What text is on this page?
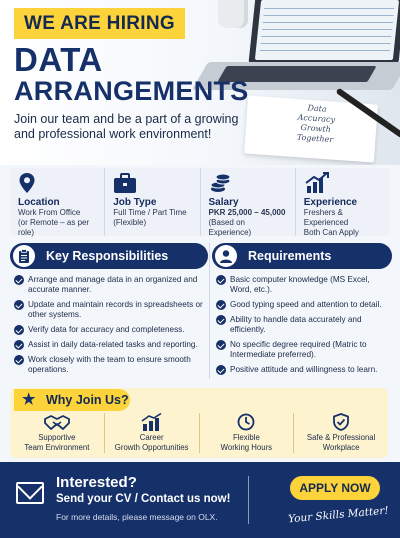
Data
Accuracy
Growth
Together
WE ARE HIRING
DATA
ARRANGEMENTS
Join our team and be a part of a growing and professional work environment!
Location
Work From Office
(or Remote – as per role)
Job Type
Full Time / Part Time
(Flexible)
Salary
PKR 25,000 – 45,000
(Based on Experience)
Experience
Freshers & Experienced
Both Can Apply
Key Responsibilities
Arrange and manage data in an organized and accurate manner.
Update and maintain records in spreadsheets or other systems.
Verify data for accuracy and completeness.
Assist in daily data-related tasks and reporting.
Work closely with the team to ensure smooth operations.
Requirements
Basic computer knowledge (MS Excel, Word, etc.).
Good typing speed and attention to detail.
Ability to handle data accurately and efficiently.
No specific degree required (Matric to Intermediate preferred).
Positive attitude and willingness to learn.
★ Why Join Us?
Supportive
Team Environment
Career
Growth Opportunities
Flexible
Working Hours
Safe & Professional
Workplace
Interested?
Send your CV / Contact us now!
For more details, please message on OLX.
APPLY NOW
Your Skills Matter!
